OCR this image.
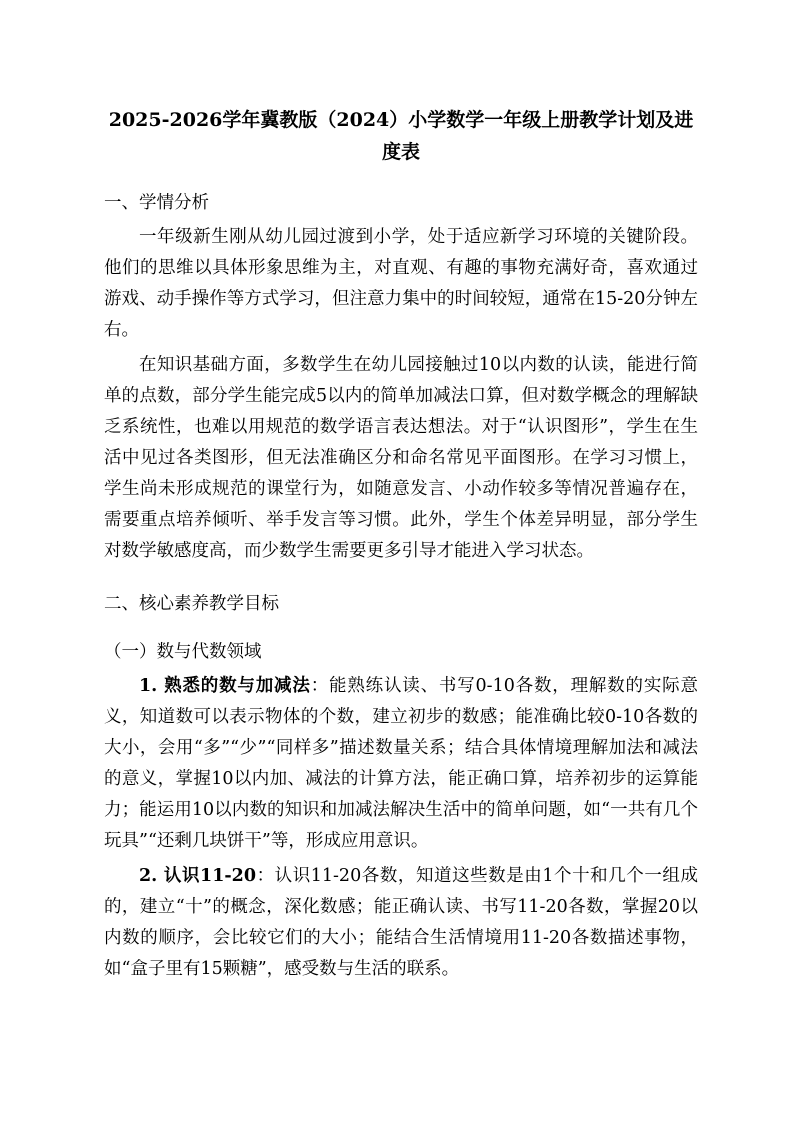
2025-2026学年冀教版（2024）小学数学一年级上册教学计划及进度表
一、学情分析

一年级新生刚从幼儿园过渡到小学，处于适应新学习环境的关键阶段。他们的思维以具体形象思维为主，对直观、有趣的事物充满好奇，喜欢通过游戏、动手操作等方式学习，但注意力集中的时间较短，通常在15-20分钟左右。

在知识基础方面，多数学生在幼儿园接触过10以内数的认读，能进行简单的点数，部分学生能完成5以内的简单加减法口算，但对数学概念的理解缺乏系统性，也难以用规范的数学语言表达想法。对于“认识图形”，学生在生活中见过各类图形，但无法准确区分和命名常见平面图形。在学习习惯上，学生尚未形成规范的课堂行为，如随意发言、小动作较多等情况普遍存在，需要重点培养倾听、举手发言等习惯。此外，学生个体差异明显，部分学生对数学敏感度高，而少数学生需要更多引导才能进入学习状态。

二、核心素养教学目标
（一）数与代数领域

1. 熟悉的数与加减法：能熟练认读、书写0-10各数，理解数的实际意义，知道数可以表示物体的个数，建立初步的数感；能准确比较0-10各数的大小，会用“多”“少”“同样多”描述数量关系；结合具体情境理解加法和减法的意义，掌握10以内加、减法的计算方法，能正确口算，培养初步的运算能力；能运用10以内数的知识和加减法解决生活中的简单问题，如“一共有几个玩具”“还剩几块饼干”等，形成应用意识。

2. 认识11-20：认识11-20各数，知道这些数是由1个十和几个一组成的，建立“十”的概念，深化数感；能正确认读、书写11-20各数，掌握20以内数的顺序，会比较它们的大小；能结合生活情境用11-20各数描述事物，如“盒子里有15颗糖”，感受数与生活的联系。
